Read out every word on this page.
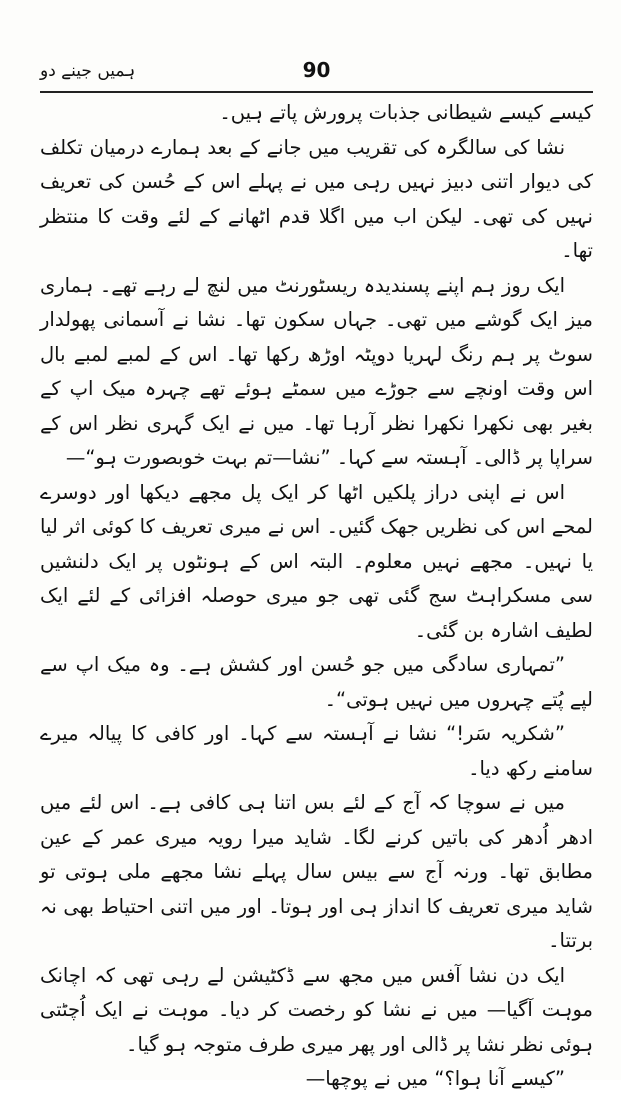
ہمیں جینے دو	90

کیسے کیسے شیطانی جذبات پرورش پاتے ہیں۔

نشا کی سالگرہ کی تقریب میں جانے کے بعد ہمارے درمیان تکلف کی دیوار اتنی دبیز نہیں رہی میں نے پہلے اس کے حُسن کی تعریف نہیں کی تھی۔ لیکن اب میں اگلا قدم اٹھانے کے لئے وقت کا منتظر تھا۔

ایک روز ہم اپنے پسندیدہ ریسٹورنٹ میں لنچ لے رہے تھے۔ ہماری میز ایک گوشے میں تھی۔ جہاں سکون تھا۔ نشا نے آسمانی پھولدار سوٹ پر ہم رنگ لہریا دوپٹہ اوڑھ رکھا تھا۔ اس کے لمبے لمبے بال اس وقت اونچے سے جوڑے میں سمٹے ہوئے تھے چہرہ میک اپ کے بغیر بھی نکھرا نکھرا نظر آرہا تھا۔ میں نے ایک گہری نظر اس کے سراپا پر ڈالی۔ آہستہ سے کہا۔ ”نشا—تم بہت خوبصورت ہو“—

اس نے اپنی دراز پلکیں اٹھا کر ایک پل مجھے دیکھا اور دوسرے لمحے اس کی نظریں جھک گئیں۔ اس نے میری تعریف کا کوئی اثر لیا یا نہیں۔ مجھے نہیں معلوم۔ البتہ اس کے ہونٹوں پر ایک دلنشیں سی مسکراہٹ سج گئی تھی جو میری حوصلہ افزائی کے لئے ایک لطیف اشارہ بن گئی۔

”تمہاری سادگی میں جو حُسن اور کشش ہے۔ وہ میک اپ سے لپے پُتے چہروں میں نہیں ہوتی“۔

”شکریہ سَر!“ نشا نے آہستہ سے کہا۔ اور کافی کا پیالہ میرے سامنے رکھ دیا۔

میں نے سوچا کہ آج کے لئے بس اتنا ہی کافی ہے۔ اس لئے میں ادھر اُدھر کی باتیں کرنے لگا۔ شاید میرا رویہ میری عمر کے عین مطابق تھا۔ ورنہ آج سے بیس سال پہلے نشا مجھے ملی ہوتی تو شاید میری تعریف کا انداز ہی اور ہوتا۔ اور میں اتنی احتیاط بھی نہ برتتا۔

ایک دن نشا آفس میں مجھ سے ڈکٹیشن لے رہی تھی کہ اچانک موہت آگیا— میں نے نشا کو رخصت کر دیا۔ موہت نے ایک اُچٹتی ہوئی نظر نشا پر ڈالی اور پھر میری طرف متوجہ ہو گیا۔

”کیسے آنا ہوا؟“ میں نے پوچھا—
